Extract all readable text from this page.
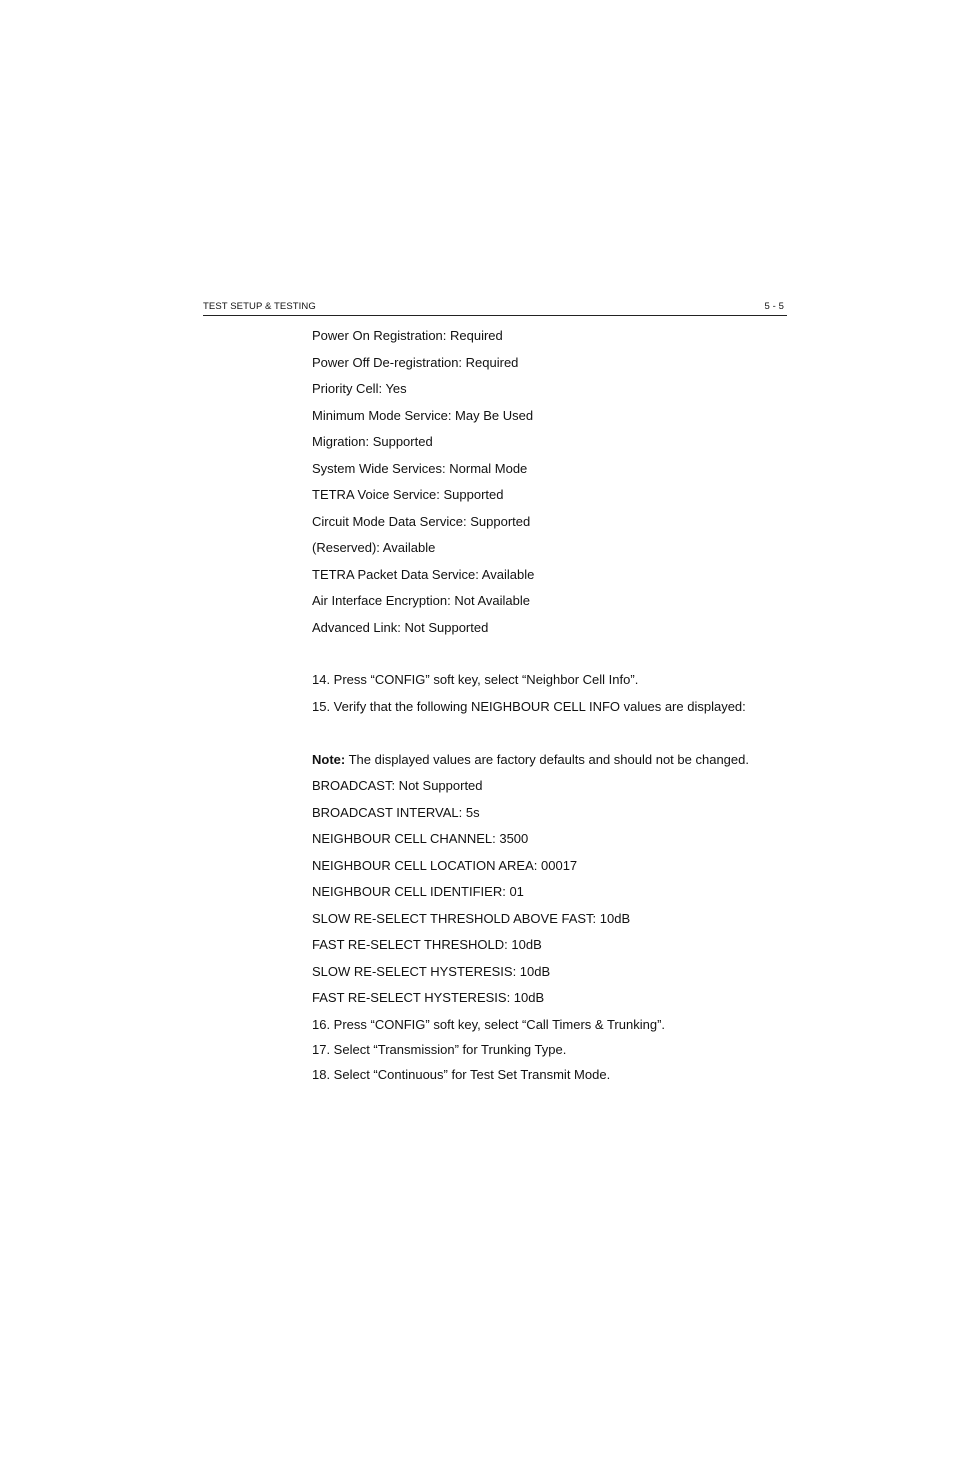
TEST SETUP & TESTING	5 - 5
Power On Registration: Required
Power Off De-registration: Required
Priority Cell: Yes
Minimum Mode Service: May Be Used
Migration: Supported
System Wide Services: Normal Mode
TETRA Voice Service: Supported
Circuit Mode Data Service: Supported
(Reserved): Available
TETRA Packet Data Service: Available
Air Interface Encryption: Not Available
Advanced Link: Not Supported
14. Press “CONFIG” soft key, select “Neighbor Cell Info”.
15. Verify that the following NEIGHBOUR CELL INFO values are displayed:
Note: The displayed values are factory defaults and should not be changed.
BROADCAST: Not Supported
BROADCAST INTERVAL: 5s
NEIGHBOUR CELL CHANNEL: 3500
NEIGHBOUR CELL LOCATION AREA: 00017
NEIGHBOUR CELL IDENTIFIER: 01
SLOW RE-SELECT THRESHOLD ABOVE FAST: 10dB
FAST RE-SELECT THRESHOLD: 10dB
SLOW RE-SELECT HYSTERESIS: 10dB
FAST RE-SELECT HYSTERESIS: 10dB
16. Press “CONFIG” soft key, select “Call Timers & Trunking”.
17. Select “Transmission” for Trunking Type.
18. Select “Continuous” for Test Set Transmit Mode.
